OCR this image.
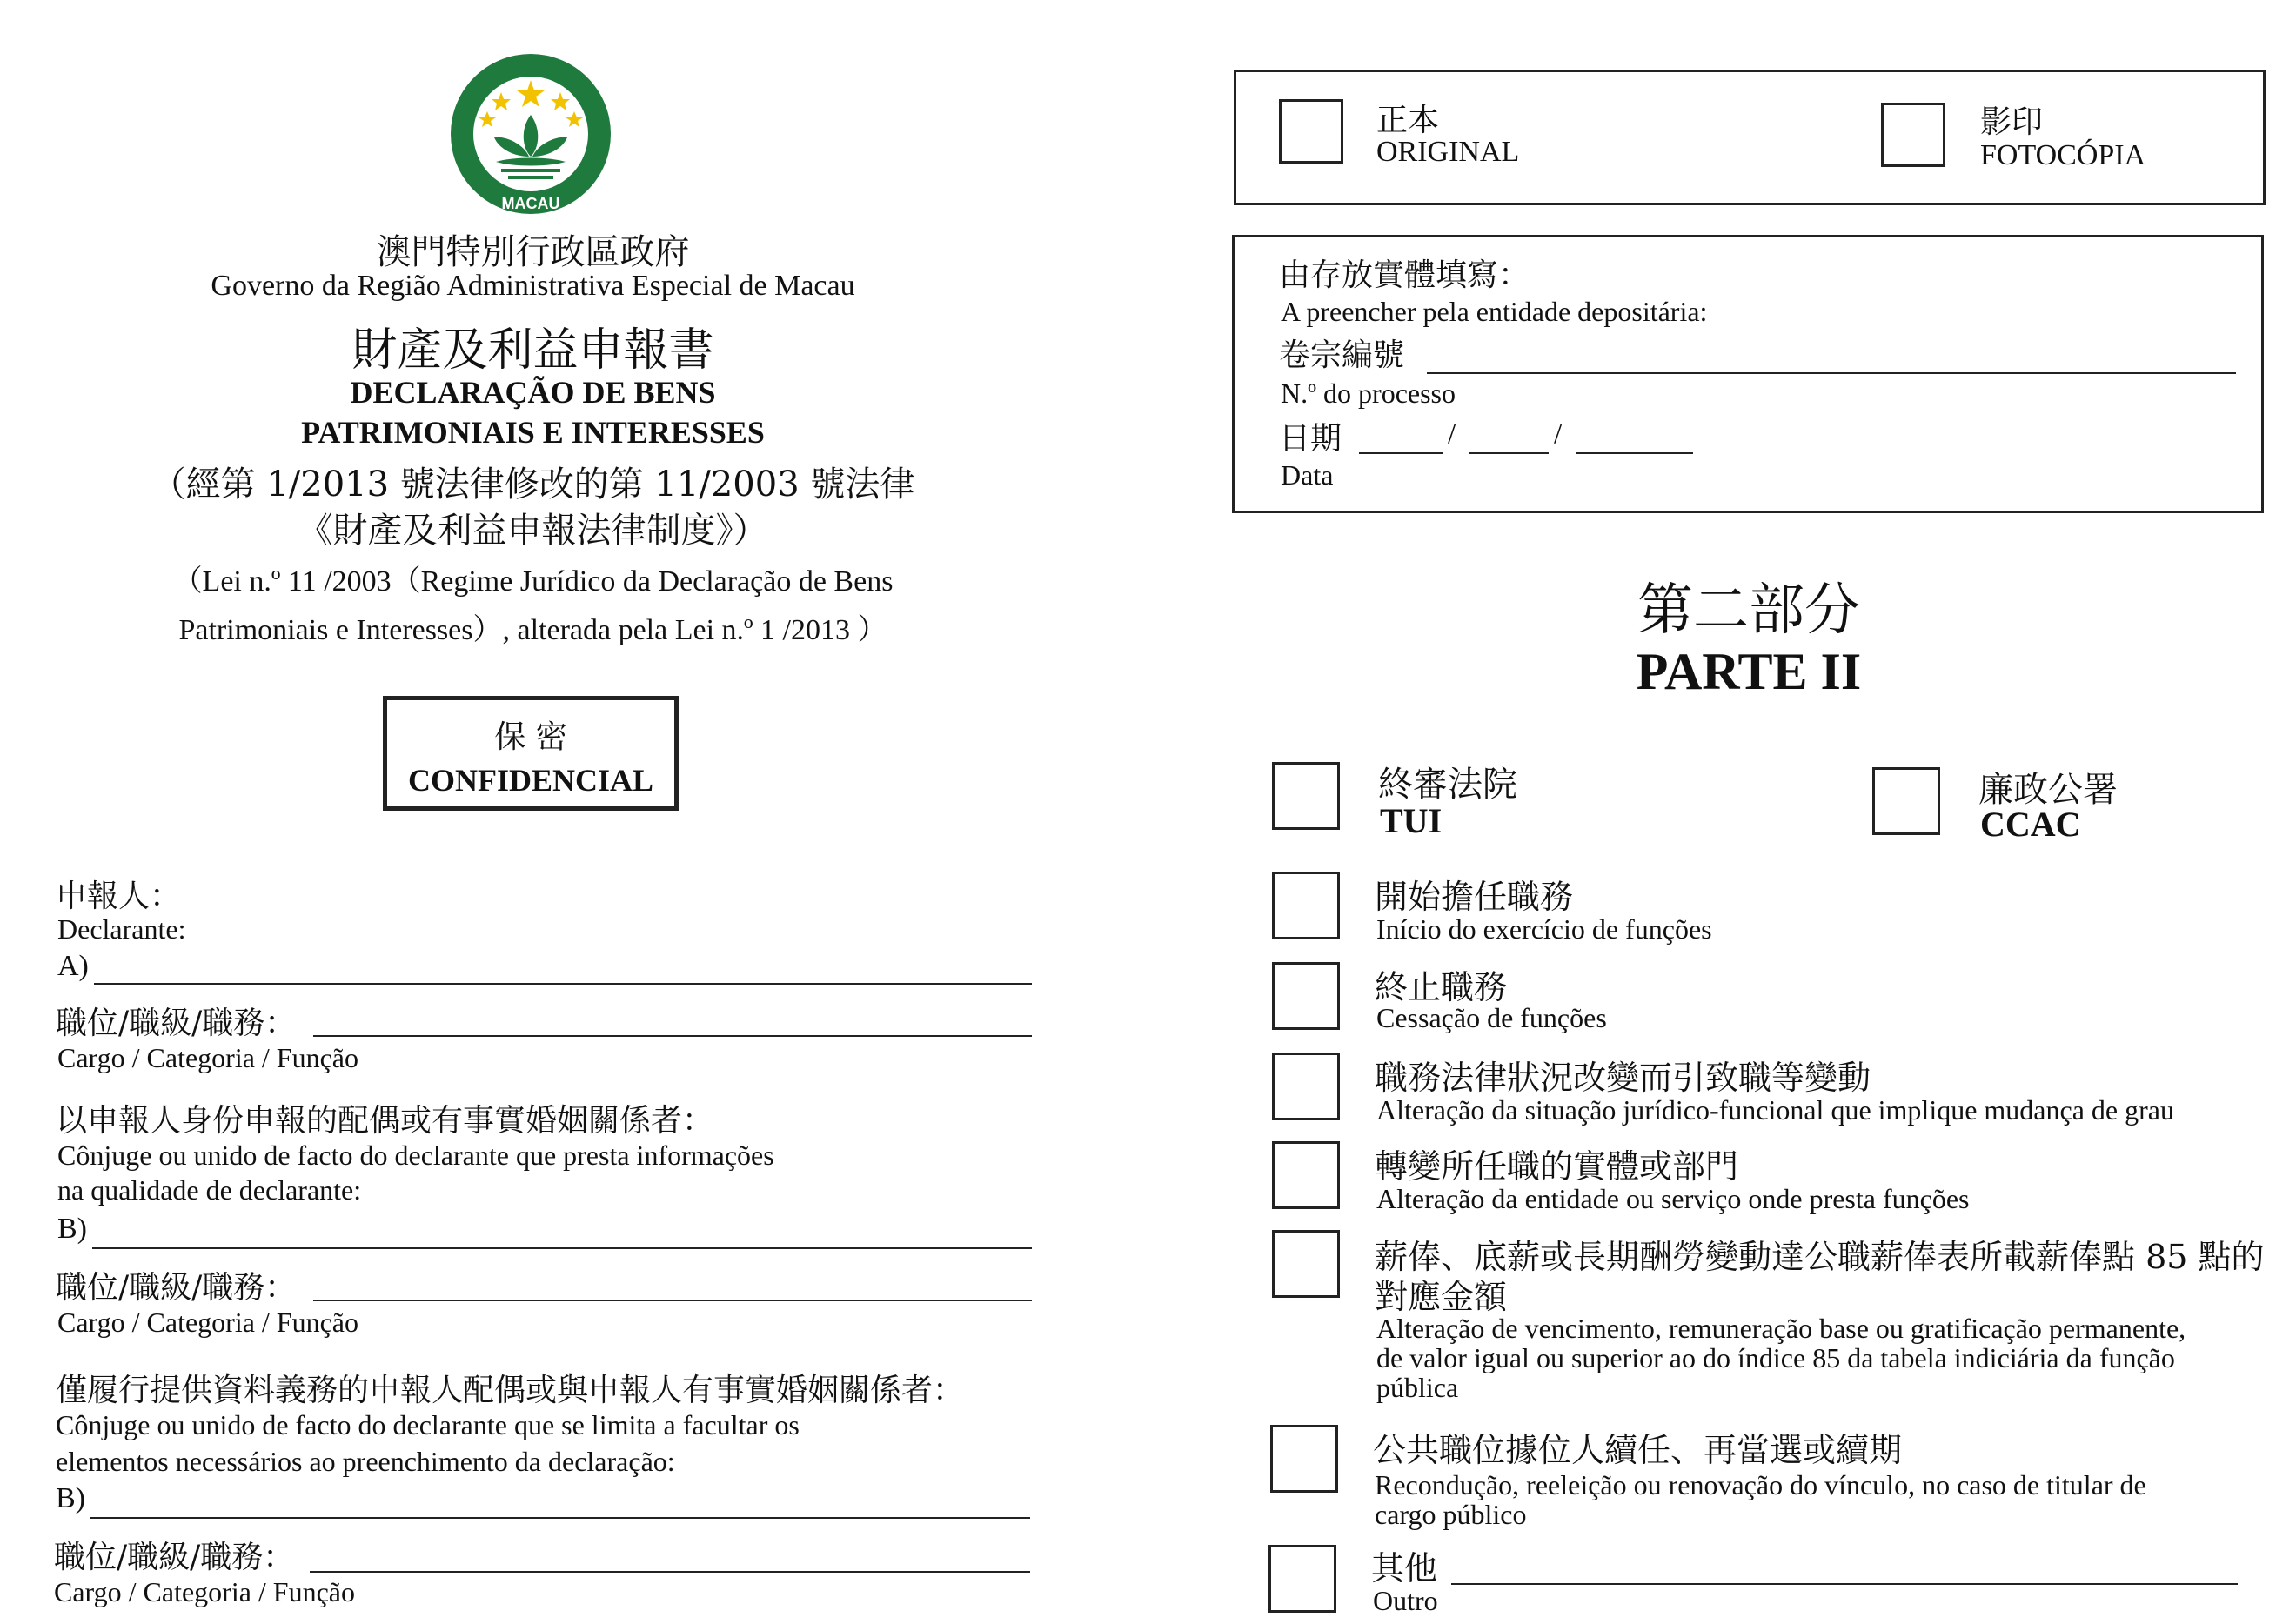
MACAU
澳門特別行政區政府
Governo da Região Administrativa Especial de Macau
財產及利益申報書
DECLARAÇÃO DE BENS
PATRIMONIAIS E INTERESSES
（經第 1/2013 號法律修改的第 11/2003 號法律
《財產及利益申報法律制度》）
（Lei n.º 11 /2003（Regime Jurídico da Declaração de Bens
Patrimoniais e Interesses）, alterada pela Lei n.º 1 /2013 ）
保 密
CONFIDENCIAL
申報人：
Declarante:
A)
職位/職級/職務：
Cargo / Categoria / Função
以申報人身份申報的配偶或有事實婚姻關係者：
Cônjuge ou unido de facto do declarante que presta informações
na qualidade de declarante:
B)
職位/職級/職務：
Cargo / Categoria / Função
僅履行提供資料義務的申報人配偶或與申報人有事實婚姻關係者：
Cônjuge ou unido de facto do declarante que se limita a facultar os
elementos necessários ao preenchimento da declaração:
B)
職位/職級/職務：
Cargo / Categoria / Função
正本
ORIGINAL
影印
FOTOCÓPIA
由存放實體填寫：
A preencher pela entidade depositária:
卷宗編號
N.º do processo
日期	/	/
Data
第二部分
PARTE II
終審法院
TUI
廉政公署
CCAC
開始擔任職務
Início do exercício de funções
終止職務
Cessação de funções
職務法律狀況改變而引致職等變動
Alteração da situação jurídico-funcional que implique mudança de grau
轉變所任職的實體或部門
Alteração da entidade ou serviço onde presta funções
薪俸、底薪或長期酬勞變動達公職薪俸表所載薪俸點 85 點的
對應金額
Alteração de vencimento, remuneração base ou gratificação permanente,
de valor igual ou superior ao do índice 85 da tabela indiciária da função
pública
公共職位據位人續任、再當選或續期
Recondução, reeleição ou renovação do vínculo, no caso de titular de
cargo público
其他
Outro
